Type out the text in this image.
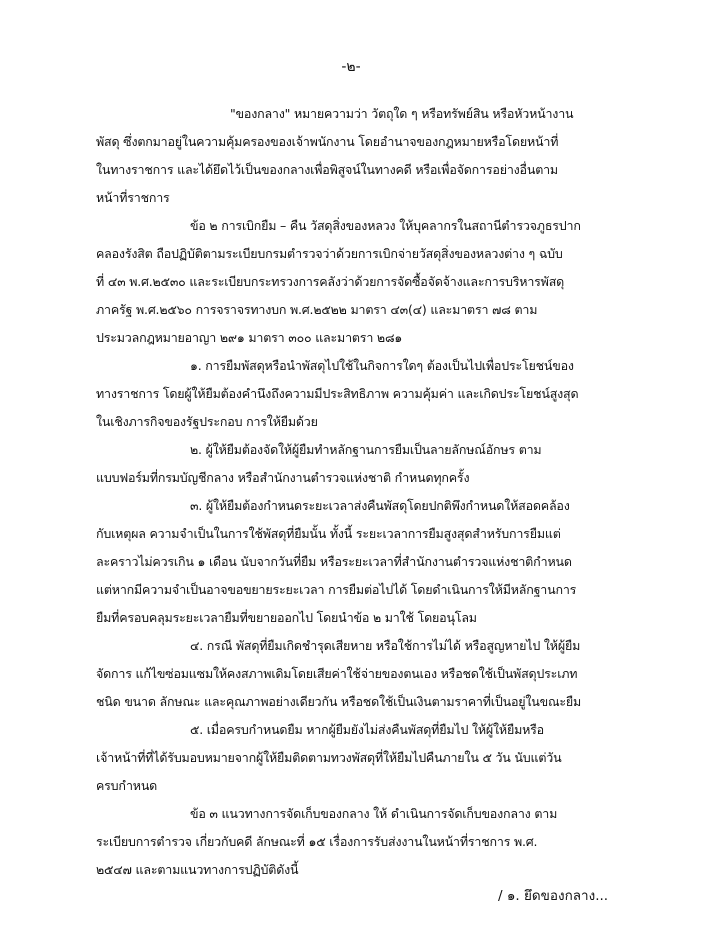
-๒-

"ของกลาง" หมายความว่า วัตถุใด ๆ หรือทรัพย์สิน หรือหัวหน้างาน

พัสดุ ซึ่งตกมาอยู่ในความคุ้มครองของเจ้าพนักงาน โดยอำนาจของกฎหมายหรือโดยหน้าที่

ในทางราชการ และได้ยึดไว้เป็นของกลางเพื่อพิสูจน์ในทางคดี หรือเพื่อจัดการอย่างอื่นตาม

หน้าที่ราชการ

ข้อ ๒ การเบิกยืม – คืน วัสดุสิ่งของหลวง ให้บุคลากรในสถานีตำรวจภูธรปาก

คลองรังสิต ถือปฏิบัติตามระเบียบกรมตำรวจว่าด้วยการเบิกจ่ายวัสดุสิ่งของหลวงต่าง ๆ ฉบับ

ที่ ๔๓ พ.ศ.๒๕๓๐ และระเบียบกระทรวงการคลังว่าด้วยการจัดซื้อจัดจ้างและการบริหารพัสดุ

ภาครัฐ พ.ศ.๒๕๖๐ การจราจรทางบก พ.ศ.๒๕๒๒ มาตรา ๔๓(๔) และมาตรา ๗๘ ตาม

ประมวลกฎหมายอาญา ๒๙๑ มาตรา ๓๐๐ และมาตรา ๒๘๑

๑. การยืมพัสดุหรือนำพัสดุไปใช้ในกิจการใดๆ ต้องเป็นไปเพื่อประโยชน์ของ

ทางราชการ โดยผู้ให้ยืมต้องคำนึงถึงความมีประสิทธิภาพ ความคุ้มค่า และเกิดประโยชน์สูงสุด

ในเชิงภารกิจของรัฐประกอบ การให้ยืมด้วย

๒. ผู้ให้ยืมต้องจัดให้ผู้ยืมทำหลักฐานการยืมเป็นลายลักษณ์อักษร ตาม

แบบฟอร์มที่กรมบัญชีกลาง หรือสำนักงานตำรวจแห่งชาติ กำหนดทุกครั้ง

๓. ผู้ให้ยืมต้องกำหนดระยะเวลาส่งคืนพัสดุโดยปกติพึงกำหนดให้สอดคล้อง

กับเหตุผล ความจำเป็นในการใช้พัสดุที่ยืมนั้น ทั้งนี้ ระยะเวลาการยืมสูงสุดสำหรับการยืมแต่

ละคราวไม่ควรเกิน ๑ เดือน นับจากวันที่ยืม หรือระยะเวลาที่สำนักงานตำรวจแห่งชาติกำหนด

แต่หากมีความจำเป็นอาจขอขยายระยะเวลา การยืมต่อไปได้ โดยดำเนินการให้มีหลักฐานการ

ยืมที่ครอบคลุมระยะเวลายืมที่ขยายออกไป โดยนำข้อ ๒ มาใช้ โดยอนุโลม

๔. กรณี พัสดุที่ยืมเกิดชำรุดเสียหาย หรือใช้การไม่ได้ หรือสูญหายไป ให้ผู้ยืม

จัดการ แก้ไขซ่อมแซมให้คงสภาพเดิมโดยเสียค่าใช้จ่ายของตนเอง หรือชดใช้เป็นพัสดุประเภท

ชนิด ขนาด ลักษณะ และคุณภาพอย่างเดียวกัน หรือชดใช้เป็นเงินตามราคาที่เป็นอยู่ในขณะยืม

๕. เมื่อครบกำหนดยืม หากผู้ยืมยังไม่ส่งคืนพัสดุที่ยืมไป ให้ผู้ให้ยืมหรือ

เจ้าหน้าที่ที่ได้รับมอบหมายจากผู้ให้ยืมติดตามทวงพัสดุที่ให้ยืมไปคืนภายใน ๕ วัน นับแต่วัน

ครบกำหนด

ข้อ ๓ แนวทางการจัดเก็บของกลาง ให้ ดำเนินการจัดเก็บของกลาง ตาม

ระเบียบการตำรวจ เกี่ยวกับคดี ลักษณะที่ ๑๕ เรื่องการรับส่งงานในหน้าที่ราชการ พ.ศ.

๒๕๔๗ และตามแนวทางการปฏิบัติดังนี้

/ ๑. ยึดของกลาง...
